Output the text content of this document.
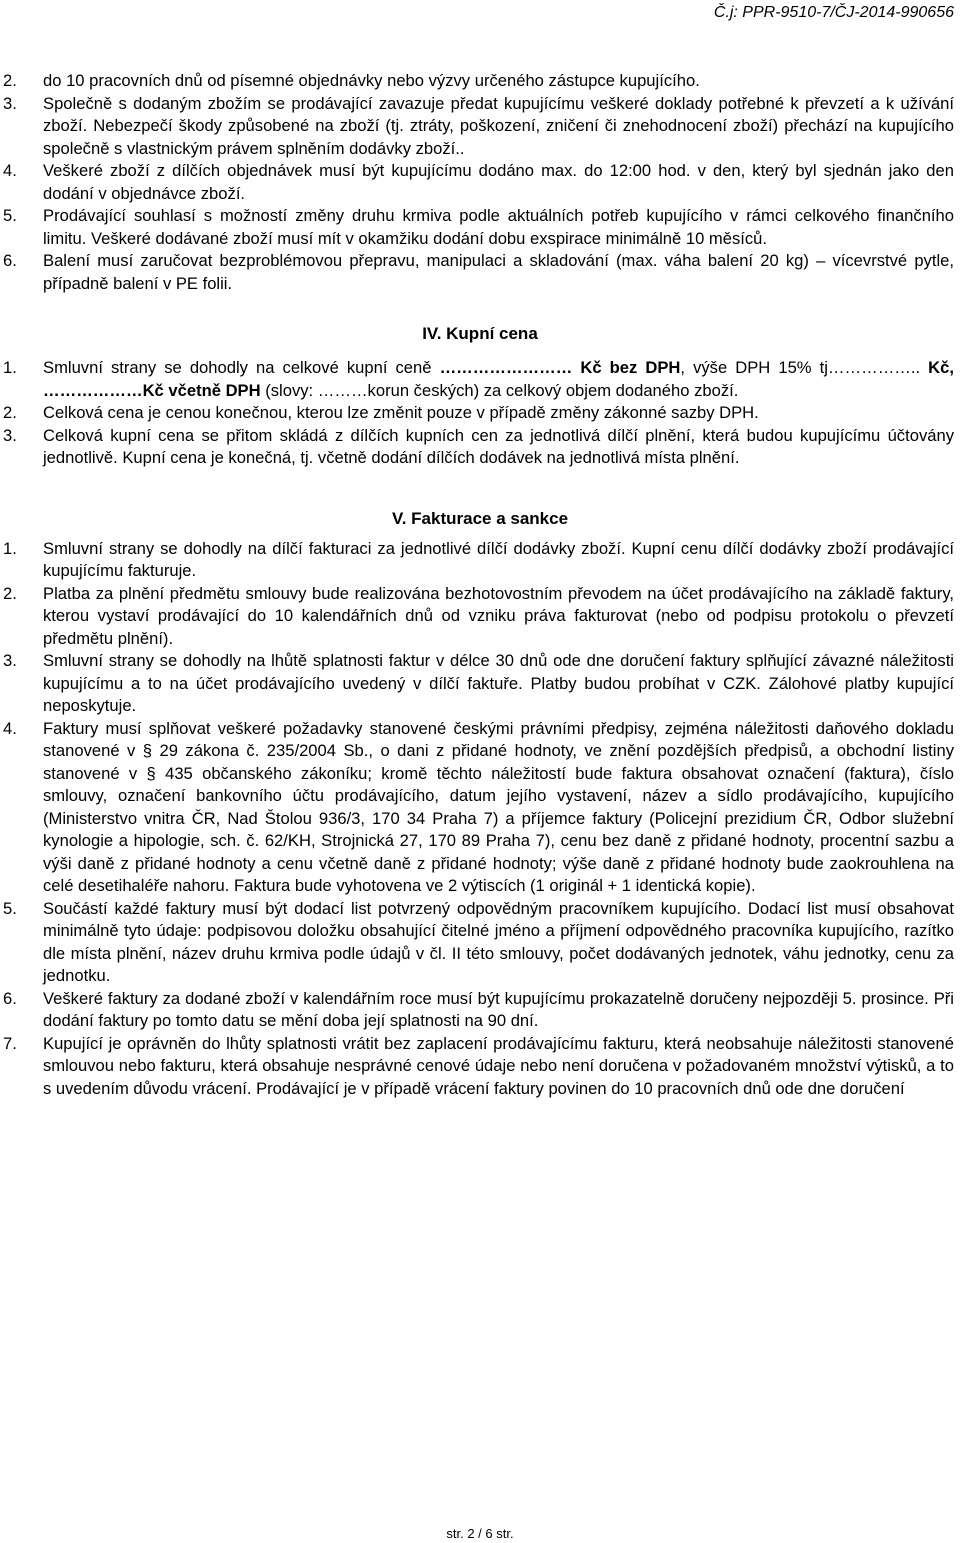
Č.j: PPR-9510-7/ČJ-2014-990656
2.	do 10 pracovních dnů od písemné objednávky nebo výzvy určeného zástupce kupujícího.
3.	Společně s dodaným zbožím se prodávající zavazuje předat kupujícímu veškeré doklady potřebné k převzetí a k užívání zboží. Nebezpečí škody způsobené na zboží (tj. ztráty, poškození, zničení či znehodnocení zboží) přechází na kupujícího společně s vlastnickým právem splněním dodávky zboží..
4.	Veškeré zboží z dílčích objednávek musí být kupujícímu dodáno max. do 12:00 hod. v den, který byl sjednán jako den dodání v objednávce zboží.
5.	Prodávající souhlasí s možností změny druhu krmiva podle aktuálních potřeb kupujícího v rámci celkového finančního limitu. Veškeré dodávané zboží musí mít v okamžiku dodání dobu exspirace minimálně 10 měsíců.
6.	Balení musí zaručovat bezproblémovou přepravu, manipulaci a skladování (max. váha balení 20 kg) – vícevrstvé pytle, případně balení v PE folii.
IV. Kupní cena
1.	Smluvní strany se dohodly na celkové kupní ceně …………………… Kč bez DPH, výše DPH 15% tj…………….. Kč, ………………Kč včetně DPH (slovy: ………korun českých) za celkový objem dodaného zboží.
2.	Celková cena je cenou konečnou, kterou lze změnit pouze v případě změny zákonné sazby DPH.
3.	Celková kupní cena se přitom skládá z dílčích kupních cen za jednotlivá dílčí plnění, která budou kupujícímu účtovány jednotlivě. Kupní cena je konečná, tj. včetně dodání dílčích dodávek na jednotlivá místa plnění.
V. Fakturace a sankce
1.	Smluvní strany se dohodly na dílčí fakturaci za jednotlivé dílčí dodávky zboží. Kupní cenu dílčí dodávky zboží prodávající kupujícímu fakturuje.
2.	Platba za plnění předmětu smlouvy bude realizována bezhotovostním převodem na účet prodávajícího na základě faktury, kterou vystaví prodávající do 10 kalendářních dnů od vzniku práva fakturovat (nebo od podpisu protokolu o převzetí předmětu plnění).
3.	Smluvní strany se dohodly na lhůtě splatnosti faktur v délce 30 dnů ode dne doručení faktury splňující závazné náležitosti kupujícímu a to na účet prodávajícího uvedený v dílčí faktuře. Platby budou probíhat v CZK. Zálohové platby kupující neposkytuje.
4.	Faktury musí splňovat veškeré požadavky stanovené českými právními předpisy, zejména náležitosti daňového dokladu stanovené v § 29 zákona č. 235/2004 Sb., o dani z přidané hodnoty, ve znění pozdějších předpisů, a obchodní listiny stanovené v § 435 občanského zákoníku; kromě těchto náležitostí bude faktura obsahovat označení (faktura), číslo smlouvy, označení bankovního účtu prodávajícího, datum jejího vystavení, název a sídlo prodávajícího, kupujícího (Ministerstvo vnitra ČR, Nad Štolou 936/3, 170 34 Praha 7) a příjemce faktury (Policejní prezidium ČR, Odbor služební kynologie a hipologie, sch. č. 62/KH, Strojnická 27, 170 89 Praha 7), cenu bez daně z přidané hodnoty, procentní sazbu a výši daně z přidané hodnoty a cenu včetně daně z přidané hodnoty; výše daně z přidané hodnoty bude zaokrouhlena na celé desetihaléře nahoru. Faktura bude vyhotovena ve 2 výtiscích (1 originál + 1 identická kopie).
5.	Součástí každé faktury musí být dodací list potvrzený odpovědným pracovníkem kupujícího. Dodací list musí obsahovat minimálně tyto údaje: podpisovou doložku obsahující čitelné jméno a příjmení odpovědného pracovníka kupujícího, razítko dle místa plnění, název druhu krmiva podle údajů v čl. II této smlouvy, počet dodávaných jednotek, váhu jednotky, cenu za jednotku.
6.	Veškeré faktury za dodané zboží v kalendářním roce musí být kupujícímu prokazatelně doručeny nejpozději 5. prosince. Při dodání faktury po tomto datu se mění doba její splatnosti na 90 dní.
7.	Kupující je oprávněn do lhůty splatnosti vrátit bez zaplacení prodávajícímu fakturu, která neobsahuje náležitosti stanovené smlouvou nebo fakturu, která obsahuje nesprávné cenové údaje nebo není doručena v požadovaném množství výtisků, a to s uvedením důvodu vrácení. Prodávající je v případě vrácení faktury povinen do 10 pracovních dnů ode dne doručení
str. 2 / 6 str.
